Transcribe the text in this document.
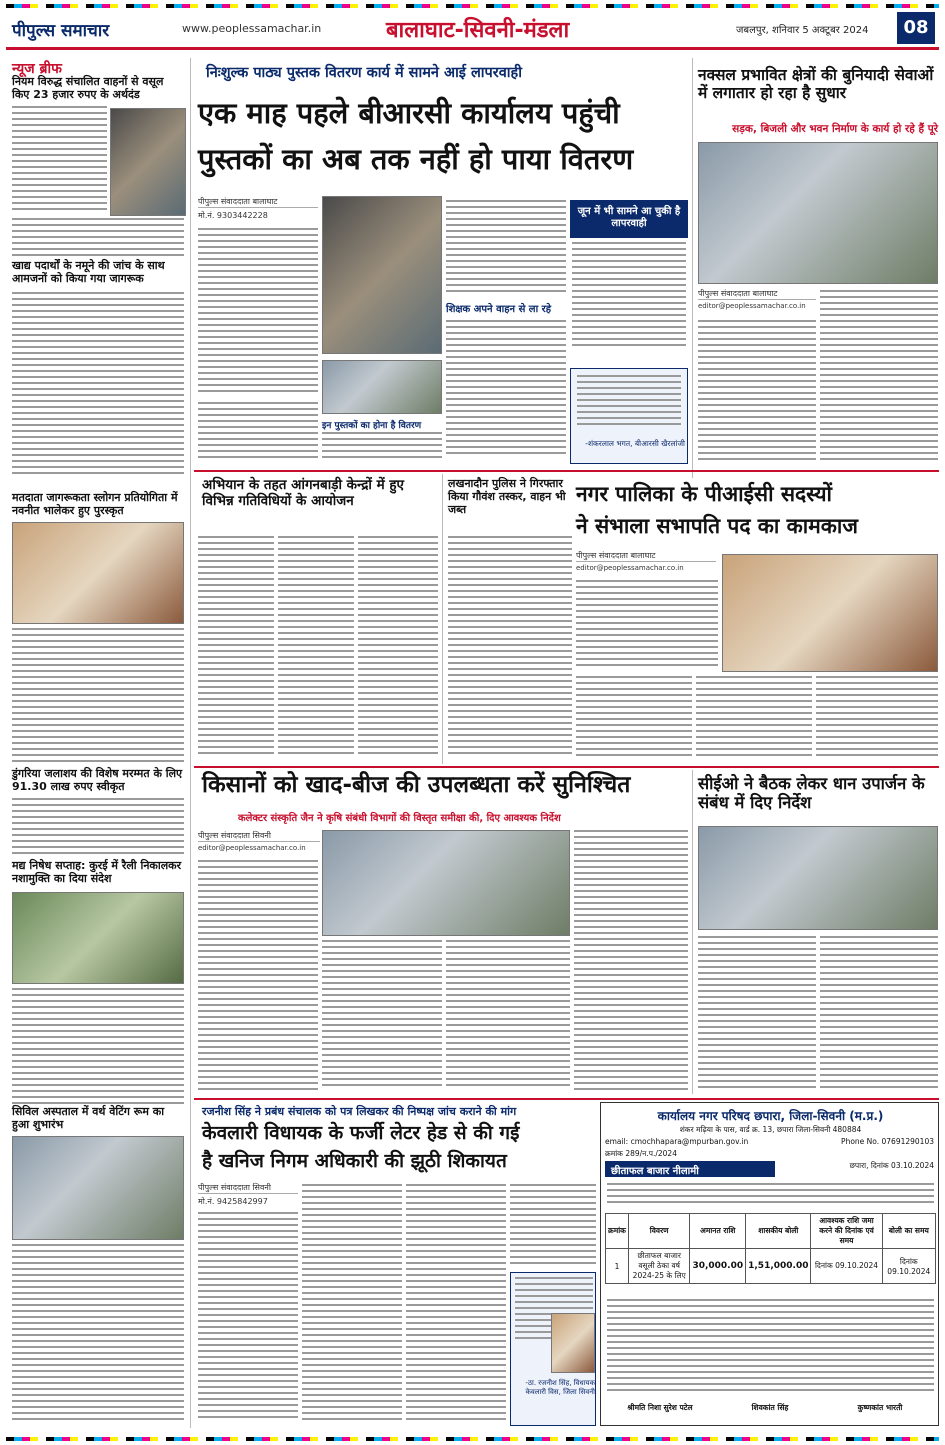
पीपुल्स समाचार	www.peoplessamachar.in	बालाघाट-सिवनी-मंडला	जबलपुर, शनिवार 5 अक्टूबर 2024	08
न्यूज ब्रीफ
नियम विरुद्ध संचालित वाहनों से वसूल किए 23 हजार रुपए के अर्थदंड
खाद्य पदार्थों के नमूने की जांच के साथ आमजनों को किया गया जागरूक
मतदाता जागरूकता स्लोगन प्रतियोगिता में नवनीत भालेकर हुए पुरस्कृत
डुंगरिया जलाशय की विशेष मरम्मत के लिए 91.30 लाख रुपए स्वीकृत
मद्य निषेध सप्ताह: कुरई में रैली निकालकर नशामुक्ति का दिया संदेश
सिविल अस्पताल में वर्थ वेटिंग रूम का हुआ शुभारंभ
निःशुल्क पाठ्य पुस्तक वितरण कार्य में सामने आई लापरवाही
एक माह पहले बीआरसी कार्यालय पहुंची
पुस्तकों का अब तक नहीं हो पाया वितरण
पीपुल्स संवाददाता बालाघाट
मो.नं. 9303442228
इन पुस्तकों का होना है वितरण
शिक्षक अपने वाहन से ला रहे
जून में भी सामने आ चुकी है लापरवाही
-शंकरलाल भगत, बीआरसी खैरलांजी
नक्सल प्रभावित क्षेत्रों की बुनियादी सेवाओं में लगातार हो रहा है सुधार
सड़क, बिजली और भवन निर्माण के कार्य हो रहे हैं पूरे
पीपुल्स संवाददाता बालाघाट
editor@peoplessamachar.co.in
अभियान के तहत आंगनबाड़ी केन्द्रों में हुए विभिन्न गतिविधियों के आयोजन
लखनादौन पुलिस ने गिरफ्तार किया गौवंश तस्कर, वाहन भी जब्त
नगर पालिका के पीआईसी सदस्यों
ने संभाला सभापति पद का कामकाज
पीपुल्स संवाददाता बालाघाट
editor@peoplessamachar.co.in
किसानों को खाद-बीज की उपलब्धता करें सुनिश्चित
कलेक्टर संस्कृति जैन ने कृषि संबंधी विभागों की विस्तृत समीक्षा की, दिए आवश्यक निर्देश
पीपुल्स संवाददाता सिवनी
editor@peoplessamachar.co.in
सीईओ ने बैठक लेकर धान उपार्जन के संबंध में दिए निर्देश
रजनीश सिंह ने प्रबंध संचालक को पत्र लिखकर की निष्पक्ष जांच कराने की मांग
केवलारी विधायक के फर्जी लेटर हेड से की गई
है खनिज निगम अधिकारी की झूठी शिकायत
पीपुल्स संवाददाता सिवनी
मो.नं. 9425842997
-ठा. रजनीश सिंह, विधायक केवलारी विस, जिला सिवनी
कार्यालय नगर परिषद छपारा, जिला-सिवनी (म.प्र.)
शंकर मढ़िया के पास, वार्ड क्र. 13, छपारा जिला-सिवनी 480884
email: cmochhapara@mpurban.gov.in	Phone No. 07691290103
क्रमांक 289/न.प./2024
छपारा, दिनांक 03.10.2024
छीताफल बाजार नीलामी
क्रमांक	विवरण	अमानत राशि	शासकीय बोली	आवश्यक राशि जमा करने की दिनांक एवं समय	बोली का समय
1	छीताफल बाजार वसूली ठेका वर्ष 2024-25 के लिए	30,000.00	1,51,000.00	दिनांक 09.10.2024	दिनांक 09.10.2024
श्रीमति निशा सुरेश पटेल	शिवकांत सिंह	कुष्णकांत भारती
